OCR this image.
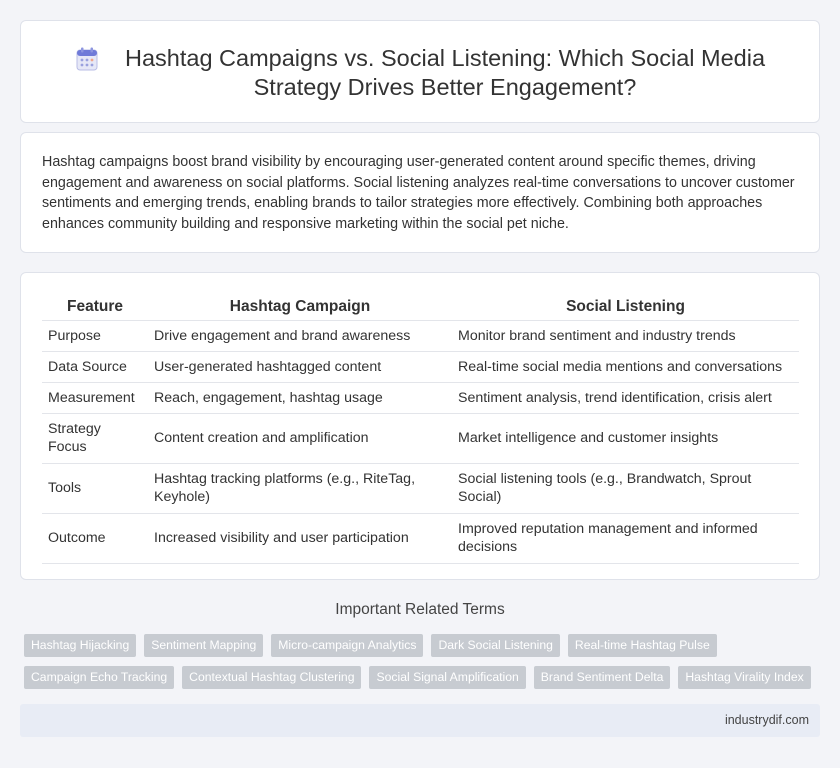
Hashtag Campaigns vs. Social Listening: Which Social Media Strategy Drives Better Engagement?

Hashtag campaigns boost brand visibility by encouraging user-generated content around specific themes, driving engagement and awareness on social platforms. Social listening analyzes real-time conversations to uncover customer sentiments and emerging trends, enabling brands to tailor strategies more effectively. Combining both approaches enhances community building and responsive marketing within the social pet niche.

Feature	Hashtag Campaign	Social Listening
Purpose	Drive engagement and brand awareness	Monitor brand sentiment and industry trends
Data Source	User-generated hashtagged content	Real-time social media mentions and conversations
Measurement	Reach, engagement, hashtag usage	Sentiment analysis, trend identification, crisis alert
Strategy Focus	Content creation and amplification	Market intelligence and customer insights
Tools	Hashtag tracking platforms (e.g., RiteTag, Keyhole)	Social listening tools (e.g., Brandwatch, Sprout Social)
Outcome	Increased visibility and user participation	Improved reputation management and informed decisions
Important Related Terms
Hashtag Hijacking	Sentiment Mapping	Micro-campaign Analytics	Dark Social Listening	Real-time Hashtag Pulse
Campaign Echo Tracking	Contextual Hashtag Clustering	Social Signal Amplification	Brand Sentiment Delta	Hashtag Virality Index
industrydif.com
